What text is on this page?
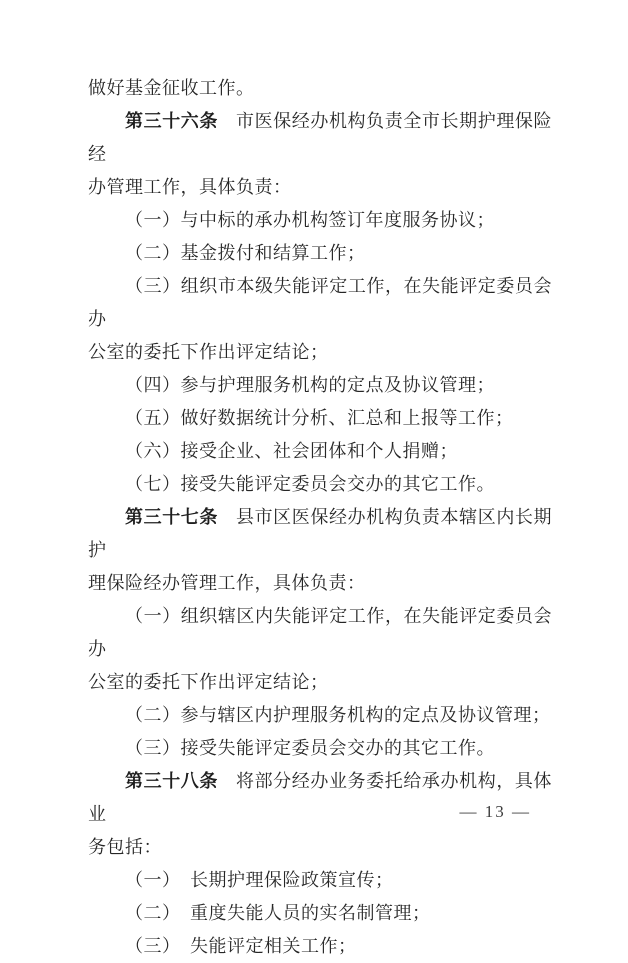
做好基金征收工作。
第三十六条 市医保经办机构负责全市长期护理保险经
办管理工作，具体负责：
（一）与中标的承办机构签订年度服务协议；
（二）基金拨付和结算工作；
（三）组织市本级失能评定工作，在失能评定委员会办
公室的委托下作出评定结论；
（四）参与护理服务机构的定点及协议管理；
（五）做好数据统计分析、汇总和上报等工作；
（六）接受企业、社会团体和个人捐赠；
（七）接受失能评定委员会交办的其它工作。
第三十七条 县市区医保经办机构负责本辖区内长期护
理保险经办管理工作，具体负责：
（一）组织辖区内失能评定工作，在失能评定委员会办
公室的委托下作出评定结论；
（二）参与辖区内护理服务机构的定点及协议管理；
（三）接受失能评定委员会交办的其它工作。
第三十八条 将部分经办业务委托给承办机构，具体业
务包括：
（一）　长期护理保险政策宣传；
（二）　重度失能人员的实名制管理；
（三）　失能评定相关工作；
— 13 —
